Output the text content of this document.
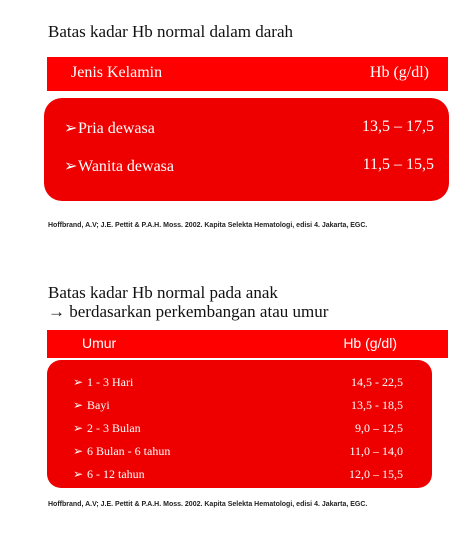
Batas kadar Hb normal dalam darah
Jenis Kelamin	Hb (g/dl)
➢Pria dewasa	13,5 – 17,5
➢Wanita dewasa	11,5 – 15,5
Hoffbrand, A.V; J.E. Pettit & P.A.H. Moss. 2002. Kapita Selekta Hematologi, edisi 4. Jakarta, EGC.
Batas kadar Hb normal pada anak
→ berdasarkan perkembangan atau umur
Umur	Hb (g/dl)
➢ 1 - 3 Hari	14,5 - 22,5
➢ Bayi	13,5 - 18,5
➢ 2 - 3 Bulan	9,0 – 12,5
➢ 6 Bulan - 6 tahun	11,0 – 14,0
➢ 6 - 12 tahun	12,0 – 15,5
Hoffbrand, A.V; J.E. Pettit & P.A.H. Moss. 2002. Kapita Selekta Hematologi, edisi 4. Jakarta, EGC.
